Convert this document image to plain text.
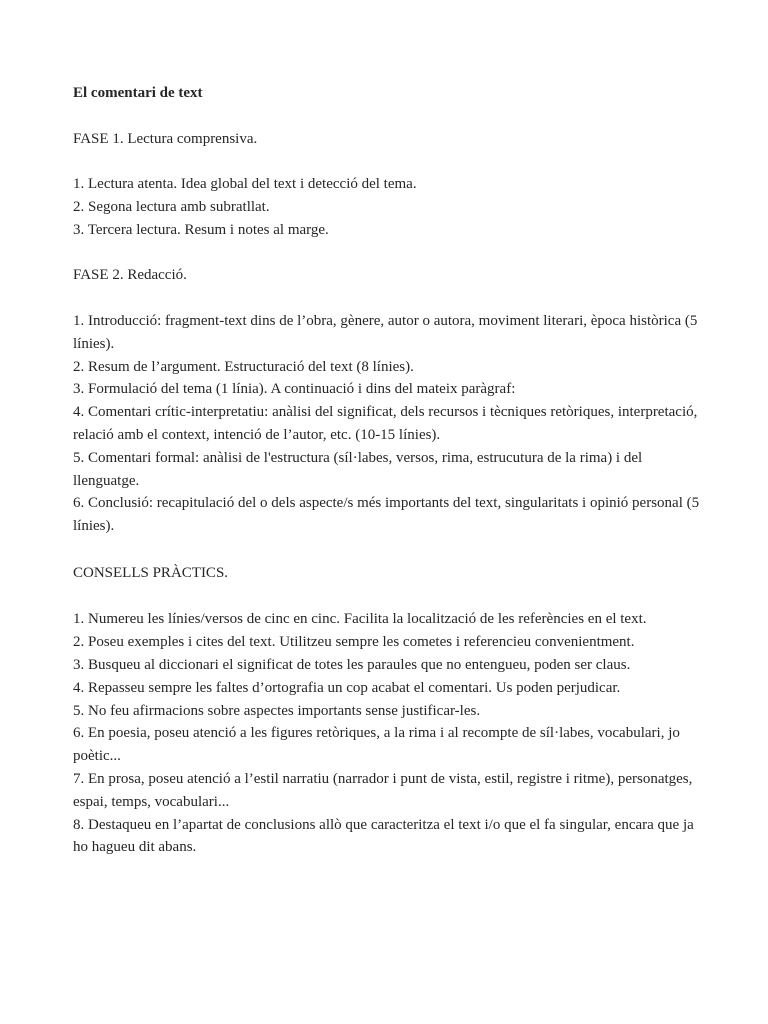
El comentari de text

FASE 1. Lectura comprensiva.

1. Lectura atenta. Idea global del text i detecció del tema.

2. Segona lectura amb subratllat.

3. Tercera lectura. Resum i notes al marge.

FASE 2. Redacció.

1. Introducció: fragment-text dins de l’obra, gènere, autor o autora, moviment literari, època històrica (5 línies).

2. Resum de l’argument. Estructuració del text (8 línies).

3. Formulació del tema (1 línia). A continuació i dins del mateix paràgraf:

4. Comentari crític-interpretatiu: anàlisi del significat, dels recursos i tècniques retòriques, interpretació, relació amb el context, intenció de l’autor, etc. (10-15 línies).

5. Comentari formal: anàlisi de l'estructura (síl·labes, versos, rima, estrucutura de la rima) i del llenguatge.

6. Conclusió: recapitulació del o dels aspecte/s més importants del text, singularitats i opinió personal (5 línies).

CONSELLS PRÀCTICS.

1. Numereu les línies/versos de cinc en cinc. Facilita la localització de les referències en el text.

2. Poseu exemples i cites del text. Utilitzeu sempre les cometes i referencieu convenientment.

3. Busqueu al diccionari el significat de totes les paraules que no entengueu, poden ser claus.

4. Repasseu sempre les faltes d’ortografia un cop acabat el comentari. Us poden perjudicar.

5. No feu afirmacions sobre aspectes importants sense justificar-les.

6. En poesia, poseu atenció a les figures retòriques, a la rima i al recompte de síl·labes, vocabulari, jo poètic...

7. En prosa, poseu atenció a l’estil narratiu (narrador i punt de vista, estil, registre i ritme), personatges, espai, temps, vocabulari...

8. Destaqueu en l’apartat de conclusions allò que caracteritza el text i/o que el fa singular, encara que ja ho hagueu dit abans.
